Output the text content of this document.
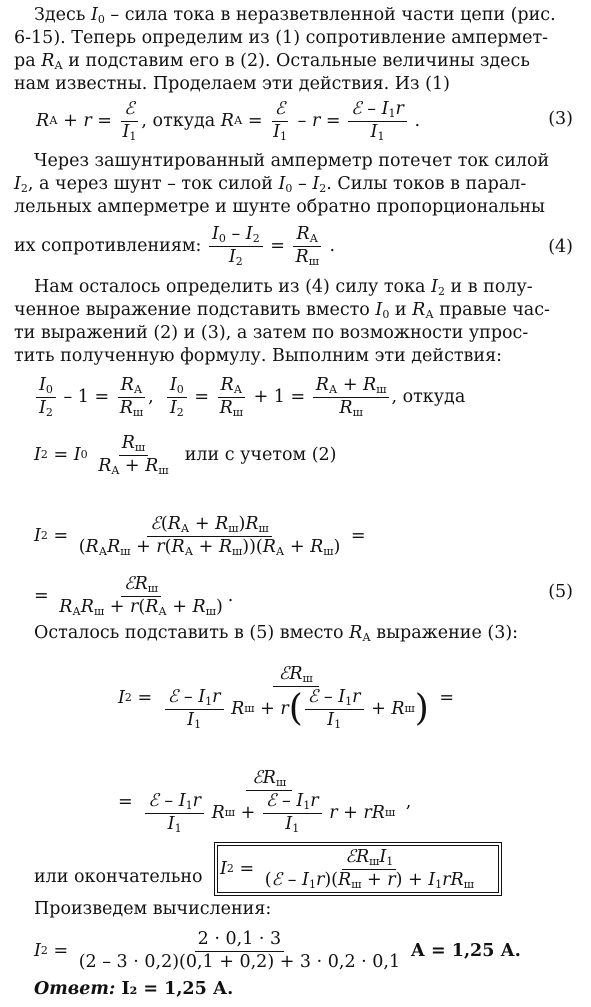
Здесь $I_0$ – сила тока в неразветвленной части цепи (рис.
6-15). Теперь определим из (1) сопротивление ампермет-
ра $R_А$ и подставим его в (2). Остальные величины здесь
нам известны. Проделаем эти действия. Из (1)
R $А + r = \frac{\text{ℰ}}{I_1}$ , откуда
R $А = \frac{\text{ℰ}}{I_1} - r = \frac{ℰ - I_1r}{I_1}$ .	(3)
Через зашунтированный амперметр потечет ток силой
$I_2$, а через шунт – ток силой $I_0 - I_2$. Силы токов в парал-
лельных амперметре и шунте обратно пропорциональны
их сопротивлениям:
$\frac{I_0 - I_2}{I_2} = \frac{R_А}{R_ш}$ .	(4)
Нам осталось определить из (4) силу тока $I_2$ и в полу-
ченное выражение подставить вместо $I_0$ и $R_А$ правые час-
ти выражений (2) и (3), а затем по возможности упрос-
тить полученную формулу. Выполним эти действия:
$\frac{I_0}{I_2} - 1 = \frac{R_А}{R_ш}$ , $\frac{I_0}{I_2} = \frac{R_А}{R_ш} + 1 = \frac{R_А + R_ш}{R_ш}$ , откуда
I 2 = I 0
$\frac{R_ш}{R_A + R_ш}$
или с учетом (2)
I $2 = \frac{ℰ(R_А + R_ш)R_ш}{(R_АR_ш + r(R_А + R_ш))(R_А + R_ш)}$ =
= $\frac{ℰR_ш}{R_АR_ш + r(R_А + R_ш)}$ .	(5)
Осталось подставить в (5) вместо $R_А$ выражение (3):
I 2 =
ℰR$_ш$
$\frac{ℰ - I_1r}{I_1}$
R ш + r ( $\frac{ℰ - I_1r}{I_1} + R$ ш ) =
= ℰR$_ш$
$\frac{ℰ - I_1r}{I_1}$
R $ш + \frac{ℰ - I_1r}{I_1}$
r + r R ш ,
или окончательно I $2 = \frac{ℰR_шI_1}{(ℰ - I_1r)(R_ш + r) + I_1rR_ш}$
Произведем вычисления:
I $2 = \frac{2 \cdot 0,1 \cdot 3}{(2 - 3 \cdot 0,2)(0,1 + 0,2) + 3 \cdot 0,2 \cdot 0,1}$
А = 1,25 А.
Ответ: I₂ = 1,25 А.
